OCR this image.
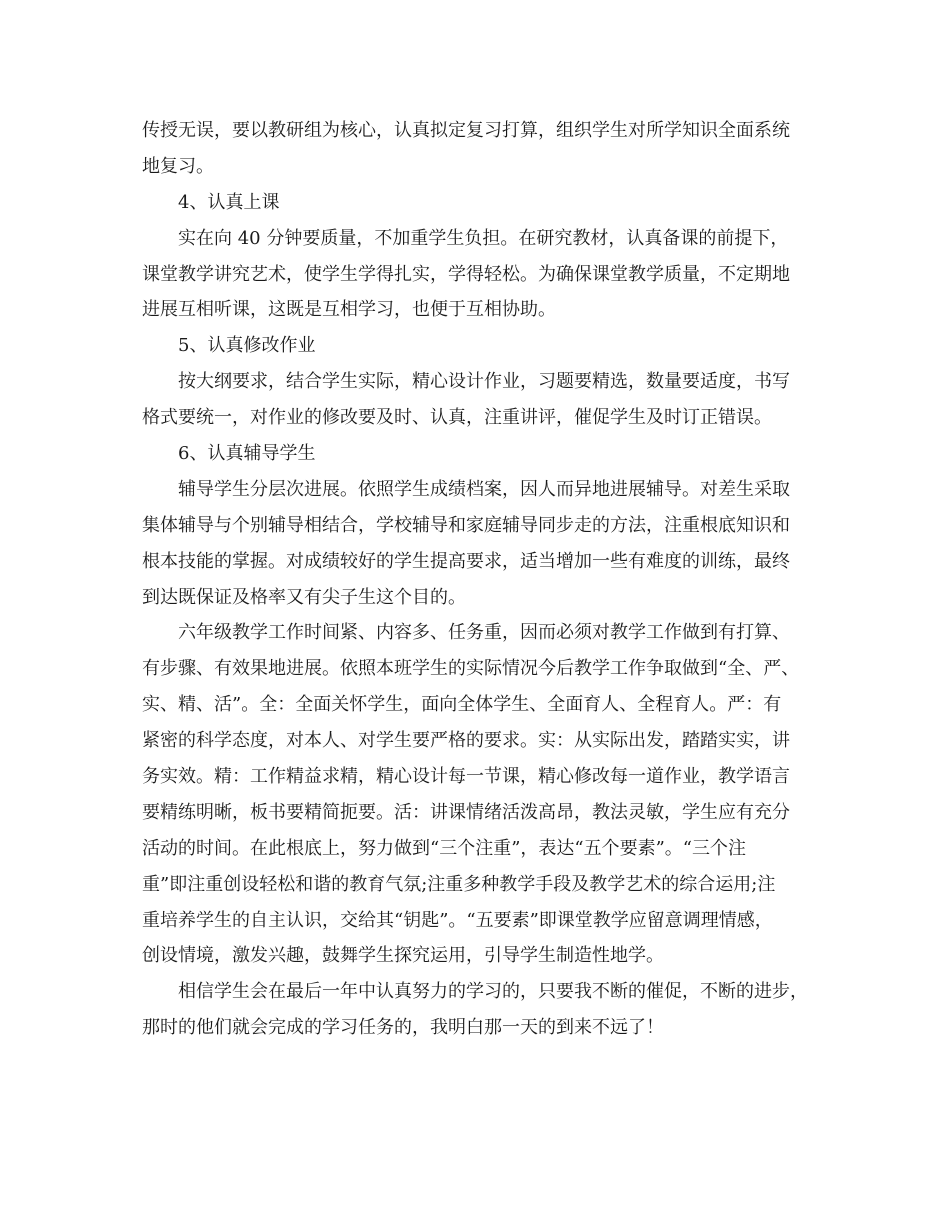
传授无误，要以教研组为核心，认真拟定复习打算，组织学生对所学知识全面系统
地复习。
4、认真上课
实在向 40 分钟要质量，不加重学生负担。在研究教材，认真备课的前提下，
课堂教学讲究艺术，使学生学得扎实，学得轻松。为确保课堂教学质量，不定期地
进展互相听课，这既是互相学习，也便于互相协助。
5、认真修改作业
按大纲要求，结合学生实际，精心设计作业，习题要精选，数量要适度，书写
格式要统一，对作业的修改要及时、认真，注重讲评，催促学生及时订正错误。
6、认真辅导学生
辅导学生分层次进展。依照学生成绩档案，因人而异地进展辅导。对差生采取
集体辅导与个别辅导相结合，学校辅导和家庭辅导同步走的方法，注重根底知识和
根本技能的掌握。对成绩较好的学生提高要求，适当增加一些有难度的训练，最终
到达既保证及格率又有尖子生这个目的。
六年级教学工作时间紧、内容多、任务重，因而必须对教学工作做到有打算、
有步骤、有效果地进展。依照本班学生的实际情况今后教学工作争取做到“全、严、
实、精、活”。全：全面关怀学生，面向全体学生、全面育人、全程育人。严：有
紧密的科学态度，对本人、对学生要严格的要求。实：从实际出发，踏踏实实，讲
务实效。精：工作精益求精，精心设计每一节课，精心修改每一道作业，教学语言
要精练明晰，板书要精简扼要。活：讲课情绪活泼高昂，教法灵敏，学生应有充分
活动的时间。在此根底上，努力做到“三个注重”，表达“五个要素”。“三个注
重”即注重创设轻松和谐的教育气氛;注重多种教学手段及教学艺术的综合运用;注
重培养学生的自主认识，交给其“钥匙”。“五要素”即课堂教学应留意调理情感，
创设情境，激发兴趣，鼓舞学生探究运用，引导学生制造性地学。
相信学生会在最后一年中认真努力的学习的，只要我不断的催促，不断的进步，
那时的他们就会完成的学习任务的，我明白那一天的到来不远了！
